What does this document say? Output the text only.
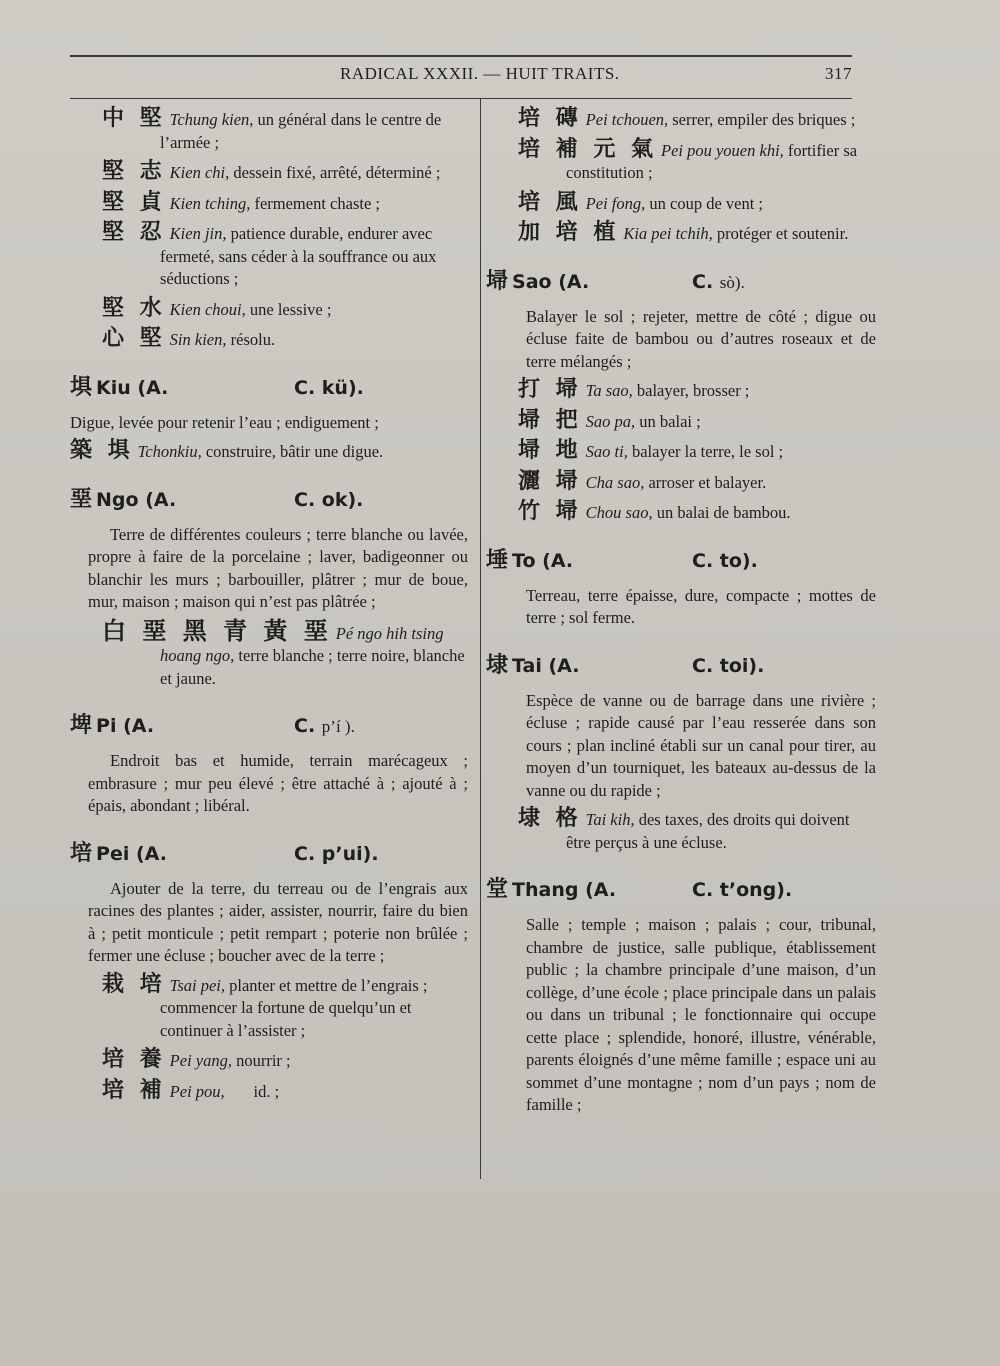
RADICAL XXXII. — HUIT TRAITS.	317
中 堅 Tchung kien, un général dans le centre de l’armée ;
堅 志 Kien chi, dessein fixé, arrêté, déterminé ;
堅 貞 Kien tching, fermement chaste ;
堅 忍 Kien jin, patience durable, endurer avec fermeté, sans céder à la souffrance ou aux séductions ;
堅 水 Kien choui, une lessive ;
心 堅 Sin kien, résolu.
埧 Kiu (A.	C. kü).
Digue, levée pour retenir l’eau ; endiguement ;
築 埧 Tchonkiu, construire, bâtir une digue.
堊 Ngo (A.	C. ok).
Terre de différentes couleurs ; terre blanche ou lavée, propre à faire de la porcelaine ; laver, badigeonner ou blanchir les murs ; barbouiller, plâtrer ; mur de boue, mur, maison ; maison qui n’est pas plâtrée ;
白 堊 黑 青 黃 堊 Pé ngo hih tsing hoang ngo, terre blanche ; terre noire, blanche et jaune.
埤 Pi (A.	C. p’í ).
Endroit bas et humide, terrain marécageux ; embrasure ; mur peu élevé ; être attaché à ; ajouté à ; épais, abondant ; libéral.
培 Pei (A.	C. p’ui).
Ajouter de la terre, du terreau ou de l’engrais aux racines des plantes ; aider, assister, nourrir, faire du bien à ; petit monticule ; petit rempart ; poterie non brûlée ; fermer une écluse ; boucher avec de la terre ;
栽 培 Tsai pei, planter et mettre de l’engrais ; commencer la fortune de quelqu’un et continuer à l’assister ;
培 養 Pei yang, nourrir ;
培 補 Pei pou,       id. ;
培 磚 Pei tchouen, serrer, empiler des briques ;
培 補 元 氣 Pei pou youen khi, fortifier sa constitution ;
培 風 Pei fong, un coup de vent ;
加 培 植 Kia pei tchih, protéger et soutenir.
埽 Sao (A.	C. sò).
Balayer le sol ; rejeter, mettre de côté ; digue ou écluse faite de bambou ou d’autres roseaux et de terre mélangés ;
打 埽 Ta sao, balayer, brosser ;
埽 把 Sao pa, un balai ;
埽 地 Sao ti, balayer la terre, le sol ;
灑 埽 Cha sao, arroser et balayer.
竹 埽 Chou sao, un balai de bambou.
埵 To (A.	C. to).
Terreau, terre épaisse, dure, compacte ; mottes de terre ; sol ferme.
埭 Tai (A.	C. toi).
Espèce de vanne ou de barrage dans une rivière ; écluse ; rapide causé par l’eau resserée dans son cours ; plan incliné établi sur un canal pour tirer, au moyen d’un tourniquet, les bateaux au-dessus de la vanne ou du rapide ;
埭 格 Tai kih, des taxes, des droits qui doivent être perçus à une écluse.
堂 Thang (A.	C. t’ong).
Salle ; temple ; maison ; palais ; cour, tribunal, chambre de justice, salle publique, établissement public ; la chambre principale d’une maison, d’un collège, d’une école ; place principale dans un palais ou dans un tribunal ; le fonctionnaire qui occupe cette place ; splendide, honoré, illustre, vénérable, parents éloignés d’une même famille ; espace uni au sommet d’une montagne ; nom d’un pays ; nom de famille ;
